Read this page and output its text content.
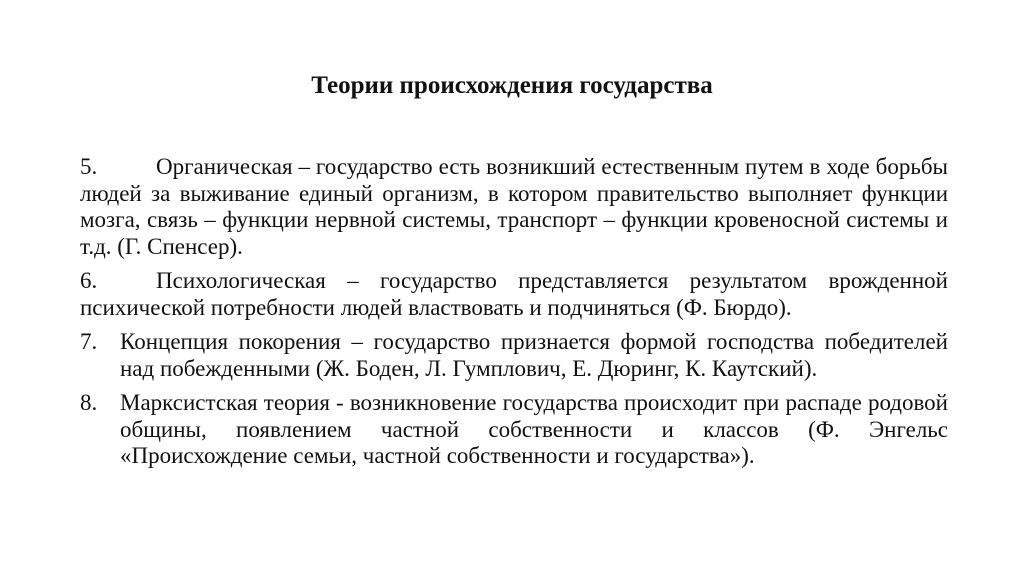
Теории происхождения государства
5.	Органическая – государство есть возникший естественным путем в ходе борьбы людей за выживание единый организм, в котором правительство выполняет функции мозга, связь – функции нервной системы, транспорт – функции кровеносной системы и т.д. (Г. Спенсер).
6.	Психологическая – государство представляется результатом врожденной психической потребности людей властвовать и подчиняться (Ф. Бюрдо).
7. Концепция покорения – государство признается формой господства победителей над побежденными (Ж. Боден, Л. Гумплович, Е. Дюринг, К. Каутский).
8. Марксистская теория - возникновение государства происходит при распаде родовой общины, появлением частной собственности и классов (Ф. Энгельс «Происхождение семьи, частной собственности и государства»).
